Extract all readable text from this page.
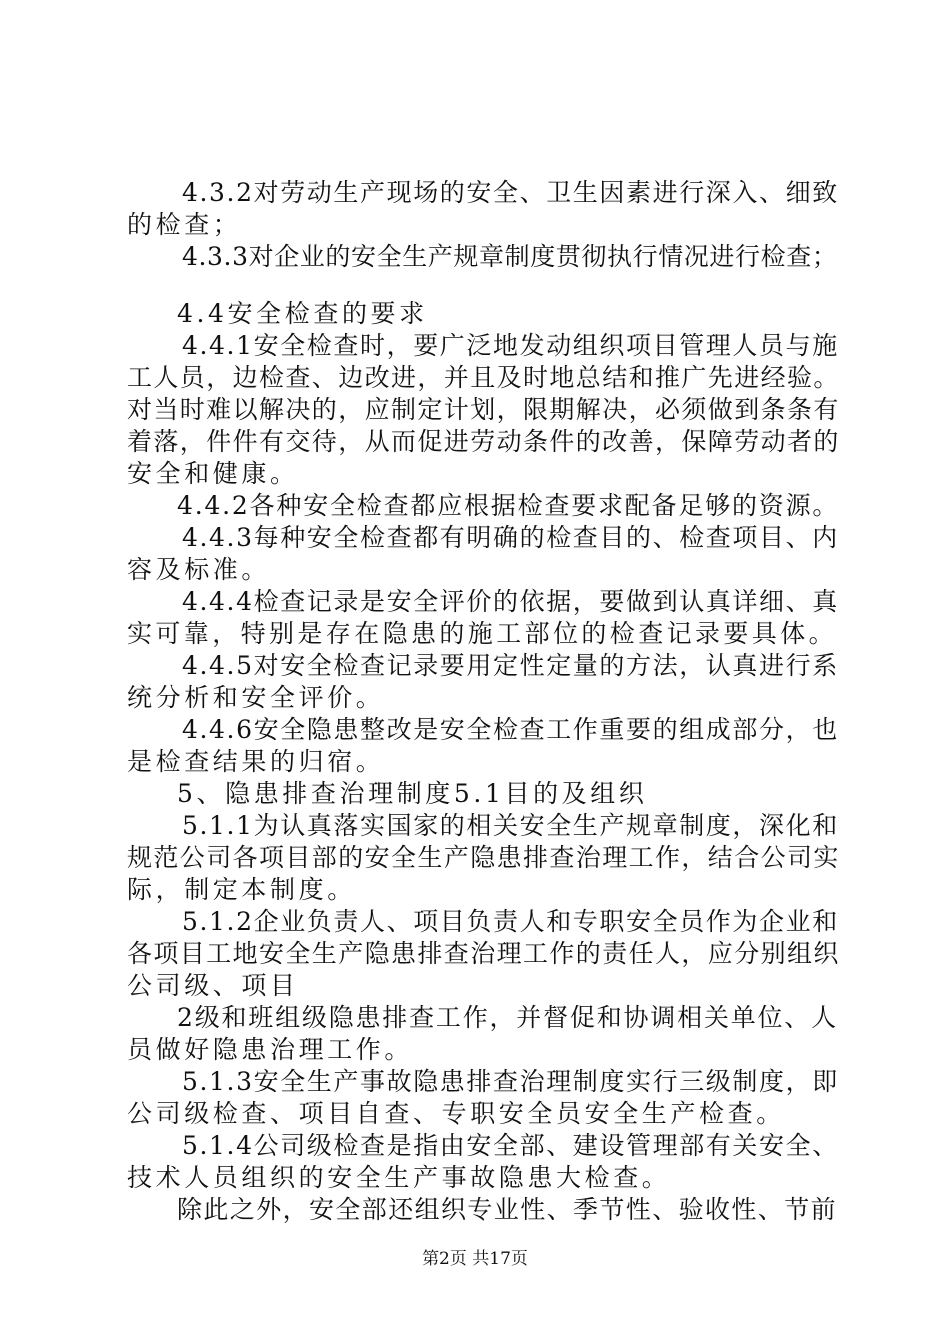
4.3.2对劳动生产现场的安全、卫生因素进行深入、细致
的检查；
4.3.3对企业的安全生产规章制度贯彻执行情况进行检查；
4.4安全检查的要求
4.4.1安全检查时，要广泛地发动组织项目管理人员与施
工人员，边检查、边改进，并且及时地总结和推广先进经验。
对当时难以解决的，应制定计划，限期解决，必须做到条条有
着落，件件有交待，从而促进劳动条件的改善，保障劳动者的
安全和健康。
4.4.2各种安全检查都应根据检查要求配备足够的资源。
4.4.3每种安全检查都有明确的检查目的、检查项目、内
容及标准。
4.4.4检查记录是安全评价的依据，要做到认真详细、真
实可靠，特别是存在隐患的施工部位的检查记录要具体。
4.4.5对安全检查记录要用定性定量的方法，认真进行系
统分析和安全评价。
4.4.6安全隐患整改是安全检查工作重要的组成部分，也
是检查结果的归宿。
5、隐患排查治理制度5.1目的及组织
5.1.1为认真落实国家的相关安全生产规章制度，深化和
规范公司各项目部的安全生产隐患排查治理工作，结合公司实
际，制定本制度。
5.1.2企业负责人、项目负责人和专职安全员作为企业和
各项目工地安全生产隐患排查治理工作的责任人，应分别组织
公司级、项目
2级和班组级隐患排查工作，并督促和协调相关单位、人
员做好隐患治理工作。
5.1.3安全生产事故隐患排查治理制度实行三级制度，即
公司级检查、项目自查、专职安全员安全生产检查。
5.1.4公司级检查是指由安全部、建设管理部有关安全、
技术人员组织的安全生产事故隐患大检查。
除此之外，安全部还组织专业性、季节性、验收性、节前
第2页 共17页
